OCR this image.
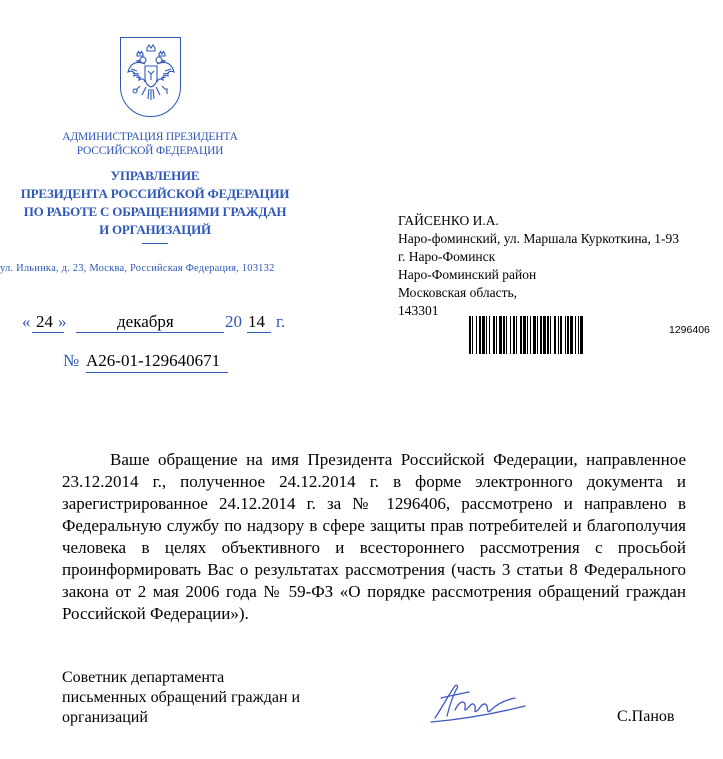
АДМИНИСТРАЦИЯ ПРЕЗИДЕНТА
РОССИЙСКОЙ ФЕДЕРАЦИИ
УПРАВЛЕНИЕ
ПРЕЗИДЕНТА РОССИЙСКОЙ ФЕДЕРАЦИИ
ПО РАБОТЕ С ОБРАЩЕНИЯМИ ГРАЖДАН
И ОРГАНИЗАЦИЙ
ул. Ильинка, д. 23, Москва, Российская Федерация, 103132
« 24 »	декабря	20 14 г.
№ А26-01-129640671
ГАЙСЕНКО И.А.
Наро-фоминский, ул. Маршала Куркоткина, 1-93
г. Наро-Фоминск
Наро-Фоминский район
Московская область,
143301
1296406
Ваше обращение на имя Президента Российской Федерации, направленное 23.12.2014 г., полученное 24.12.2014 г. в форме электронного документа и зарегистрированное 24.12.2014 г. за № 1296406, рассмотрено и направлено в Федеральную службу по надзору в сфере защиты прав потребителей и благополучия человека в целях объективного и всестороннего рассмотрения с просьбой проинформировать Вас о результатах рассмотрения (часть 3 статьи 8 Федерального закона от 2 мая 2006 года № 59-ФЗ «О порядке рассмотрения обращений граждан Российской Федерации»).
Советник департамента
письменных обращений граждан и
организаций	С.Панов
